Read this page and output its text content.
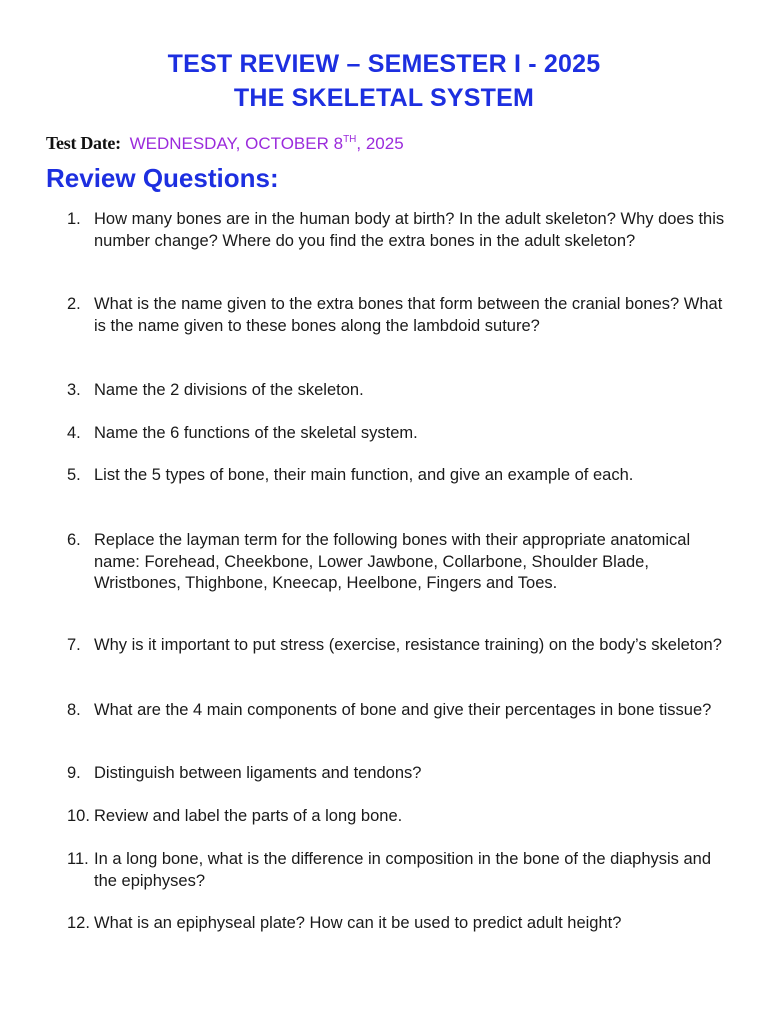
TEST REVIEW – SEMESTER I - 2025
THE SKELETAL SYSTEM
Test Date: WEDNESDAY, OCTOBER 8TH, 2025
Review Questions:
1. How many bones are in the human body at birth? In the adult skeleton? Why does this number change? Where do you find the extra bones in the adult skeleton?
2. What is the name given to the extra bones that form between the cranial bones? What is the name given to these bones along the lambdoid suture?
3. Name the 2 divisions of the skeleton.
4. Name the 6 functions of the skeletal system.
5. List the 5 types of bone, their main function, and give an example of each.
6. Replace the layman term for the following bones with their appropriate anatomical name: Forehead, Cheekbone, Lower Jawbone, Collarbone, Shoulder Blade, Wristbones, Thighbone, Kneecap, Heelbone, Fingers and Toes.
7. Why is it important to put stress (exercise, resistance training) on the body’s skeleton?
8. What are the 4 main components of bone and give their percentages in bone tissue?
9. Distinguish between ligaments and tendons?
10. Review and label the parts of a long bone.
11. In a long bone, what is the difference in composition in the bone of the diaphysis and the epiphyses?
12. What is an epiphyseal plate? How can it be used to predict adult height?
